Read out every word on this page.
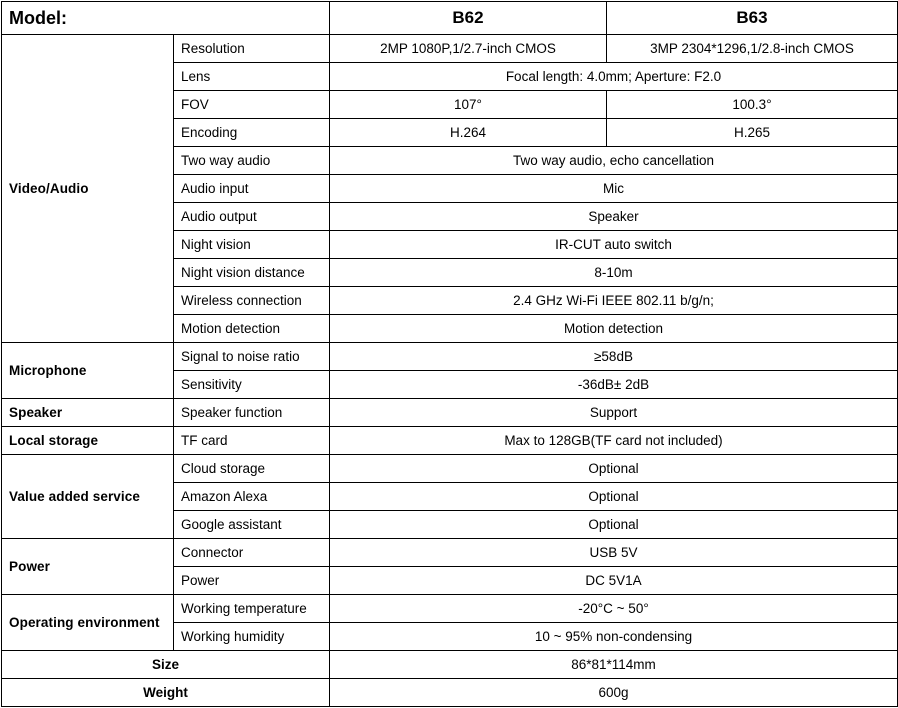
Model:		B62	B63
Video/Audio	Resolution	2MP 1080P,1/2.7-inch CMOS	3MP 2304*1296,1/2.8-inch CMOS
	Lens	Focal length: 4.0mm; Aperture: F2.0	
	FOV	107°	100.3°
	Encoding	H.264	H.265
	Two way audio	Two way audio, echo cancellation	
	Audio input	Mic	
	Audio output	Speaker	
	Night vision	IR-CUT auto switch	
	Night vision distance	8-10m	
	Wireless connection	2.4 GHz Wi-Fi IEEE 802.11 b/g/n;	
	Motion detection	Motion detection	
Microphone	Signal to noise ratio	≥58dB	
	Sensitivity	-36dB± 2dB	
Speaker	Speaker function	Support	
Local storage	TF card	Max to 128GB(TF card not included)	
Value added service	Cloud storage	Optional	
	Amazon Alexa	Optional	
	Google assistant	Optional	
Power	Connector	USB 5V	
	Power	DC 5V1A	
Operating environment	Working temperature	-20°C ~ 50°	
	Working humidity	10 ~ 95% non-condensing	
Size		86*81*114mm	
Weight		600g	
